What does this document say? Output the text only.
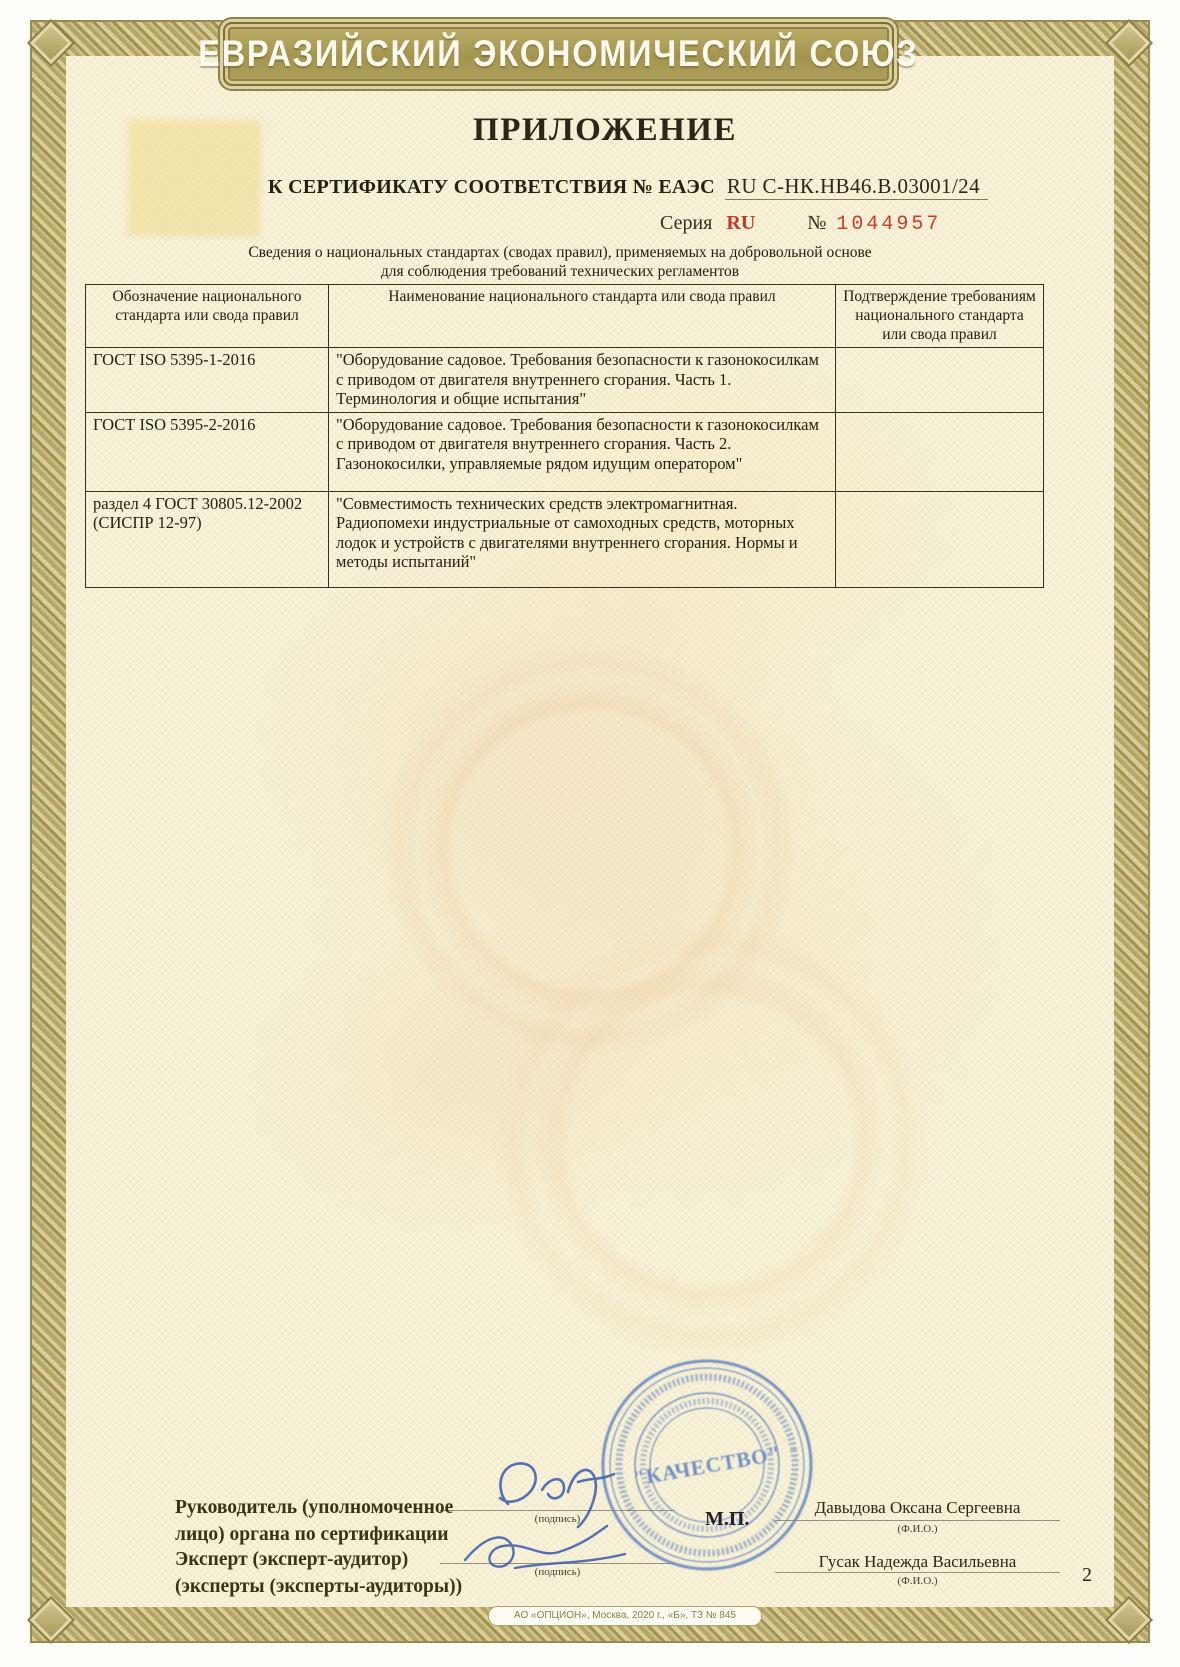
ЕВРАЗИЙСКИЙ ЭКОНОМИЧЕСКИЙ СОЮЗ
ПРИЛОЖЕНИЕ
К СЕРТИФИКАТУ СООТВЕТСТВИЯ № ЕАЭС RU С-НК.НВ46.В.03001/24
Серия RU	№ 1044957
Сведения о национальных стандартах (сводах правил), применяемых на добровольной основе
для соблюдения требований технических регламентов
Обозначение национального стандарта или свода правил	Наименование национального стандарта или свода правил	Подтверждение требованиям национального стандарта или свода правил
ГОСТ ISO 5395-1-2016	"Оборудование садовое. Требования безопасности к газонокосилкам с приводом от двигателя внутреннего сгорания. Часть 1. Терминология и общие испытания"	
ГОСТ ISO 5395-2-2016	"Оборудование садовое. Требования безопасности к газонокосилкам с приводом от двигателя внутреннего сгорания. Часть 2. Газонокосилки, управляемые рядом идущим оператором"	
раздел 4 ГОСТ 30805.12-2002 (СИСПР 12-97)	"Совместимость технических средств электромагнитная. Радиопомехи индустриальные от самоходных средств, моторных лодок и устройств с двигателями внутреннего сгорания. Нормы и методы испытаний"	
Руководитель (уполномоченное
лицо) органа по сертификации
(подпись)
Давыдова Оксана Сергеевна
(Ф.И.О.)
Эксперт (эксперт-аудитор)
(эксперты (эксперты-аудиторы))
(подпись)
Гусак Надежда Васильевна
(Ф.И.О.)
"КАЧЕСТВО"
М.П.
2
АО «ОПЦИОН», Москва, 2020 г., «Б», ТЗ № 845
